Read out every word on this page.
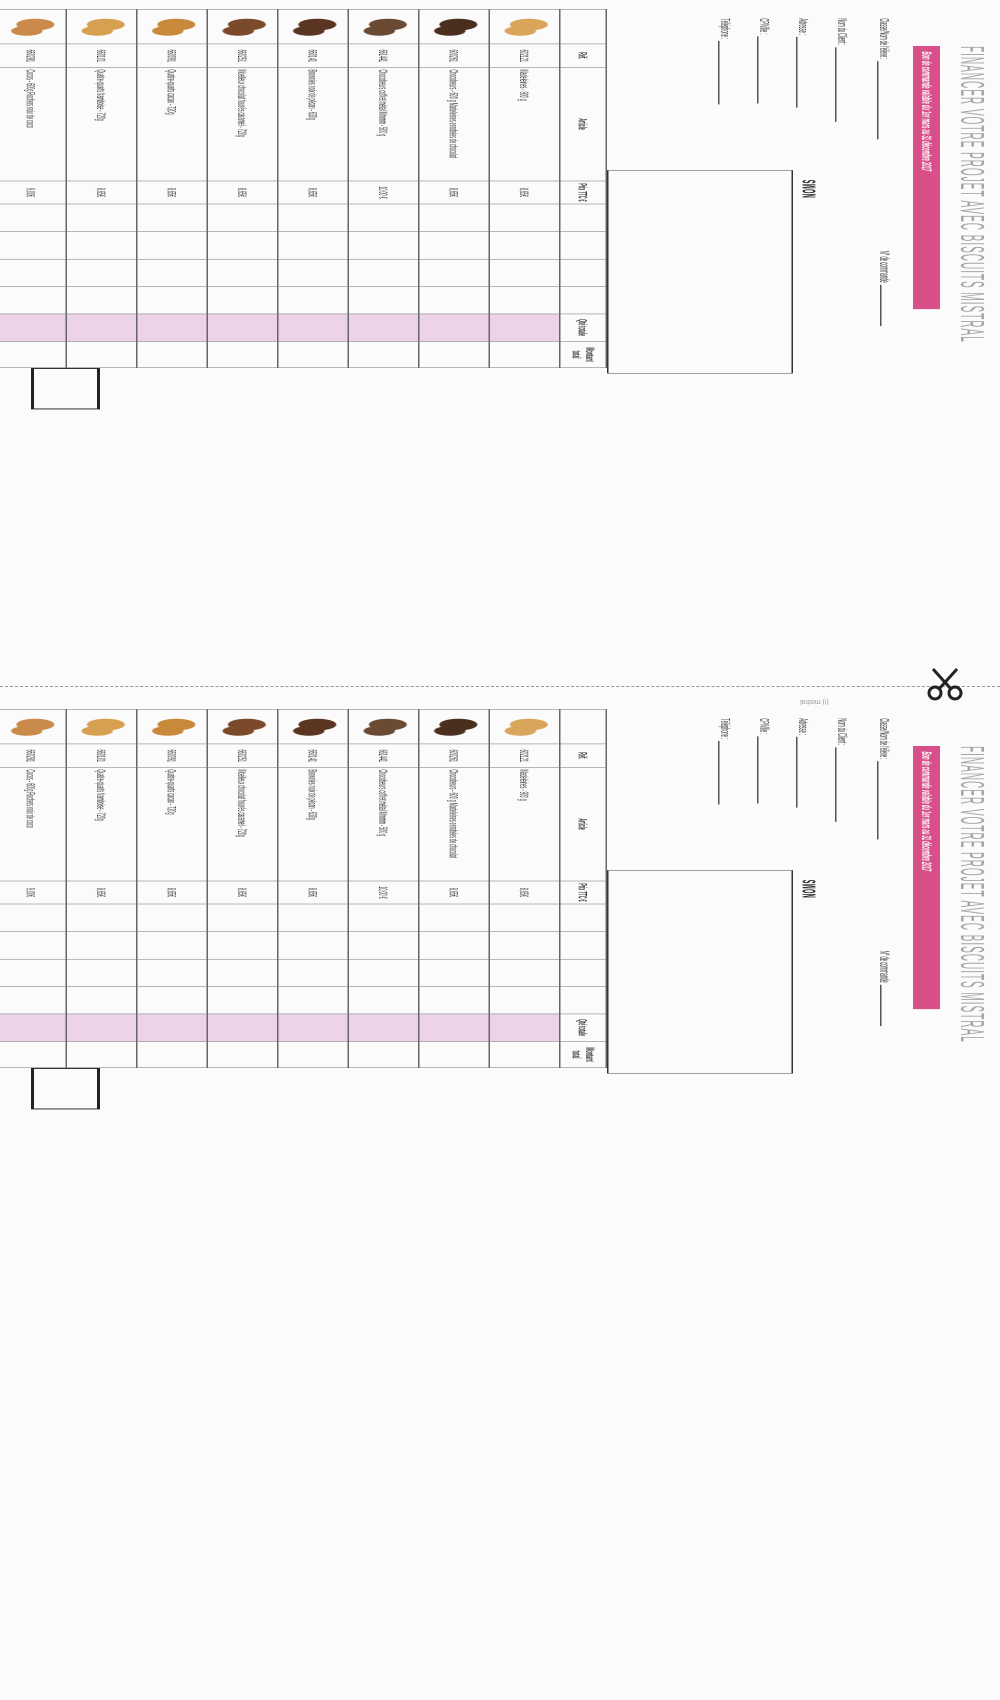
(i) mistral
FINANCER VOTRE PROJET AVEC BISCUITS MISTRAL
Bon de commande valable du 1er mars au 31 décembre 2017
Classe/Nom de l'élève :
Nom du Client :
Adresse :
CP/Ville :
Téléphone :
N° de commande
NOMS
	Réf.	Article	Prix TTC €					Qté totale	Montant total
	602121	Madeleines - 900 g	8,65€						
	600261	Chocobeurs - 600 g Madeleines enrobées de chocolat	8,65€						
	661441	Chocobeurs coffret métal Mmmm - 500 g	10,00 €						
	660141	Brownies noix de pécan - 630g	8,65€						
	660251	Moelleux chocolat fourrés caramel - 720g	8,65€						
	660091	Quatre-quarts cacao - 720g	8,65€						
	660101	Quatre-quarts framboise - 720g	8,65€						
	660281	Cocos - 600g Rochers noix de coco	9,00€						

FINANCER VOTRE PROJET AVEC BISCUITS MISTRAL
Bon de commande valable du 1er mars au 31 décembre 2017
Classe/Nom de l'élève :
Nom du Client :
Adresse :
CP/Ville :
Téléphone :
N° de commande
NOMS
	Réf.	Article	Prix TTC €					Qté totale	Montant total
	602121	Madeleines - 900 g	8,65€						
	600261	Chocobeurs - 600 g Madeleines enrobées de chocolat	8,65€						
	661441	Chocobeurs coffret métal Mmmm - 500 g	10,00 €						
	660141	Brownies noix de pécan - 630g	8,65€						
	660251	Moelleux chocolat fourrés caramel - 720g	8,65€						
	660091	Quatre-quarts cacao - 720g	8,65€						
	660101	Quatre-quarts framboise - 720g	8,65€						
	660281	Cocos - 600g Rochers noix de coco	9,00€						
